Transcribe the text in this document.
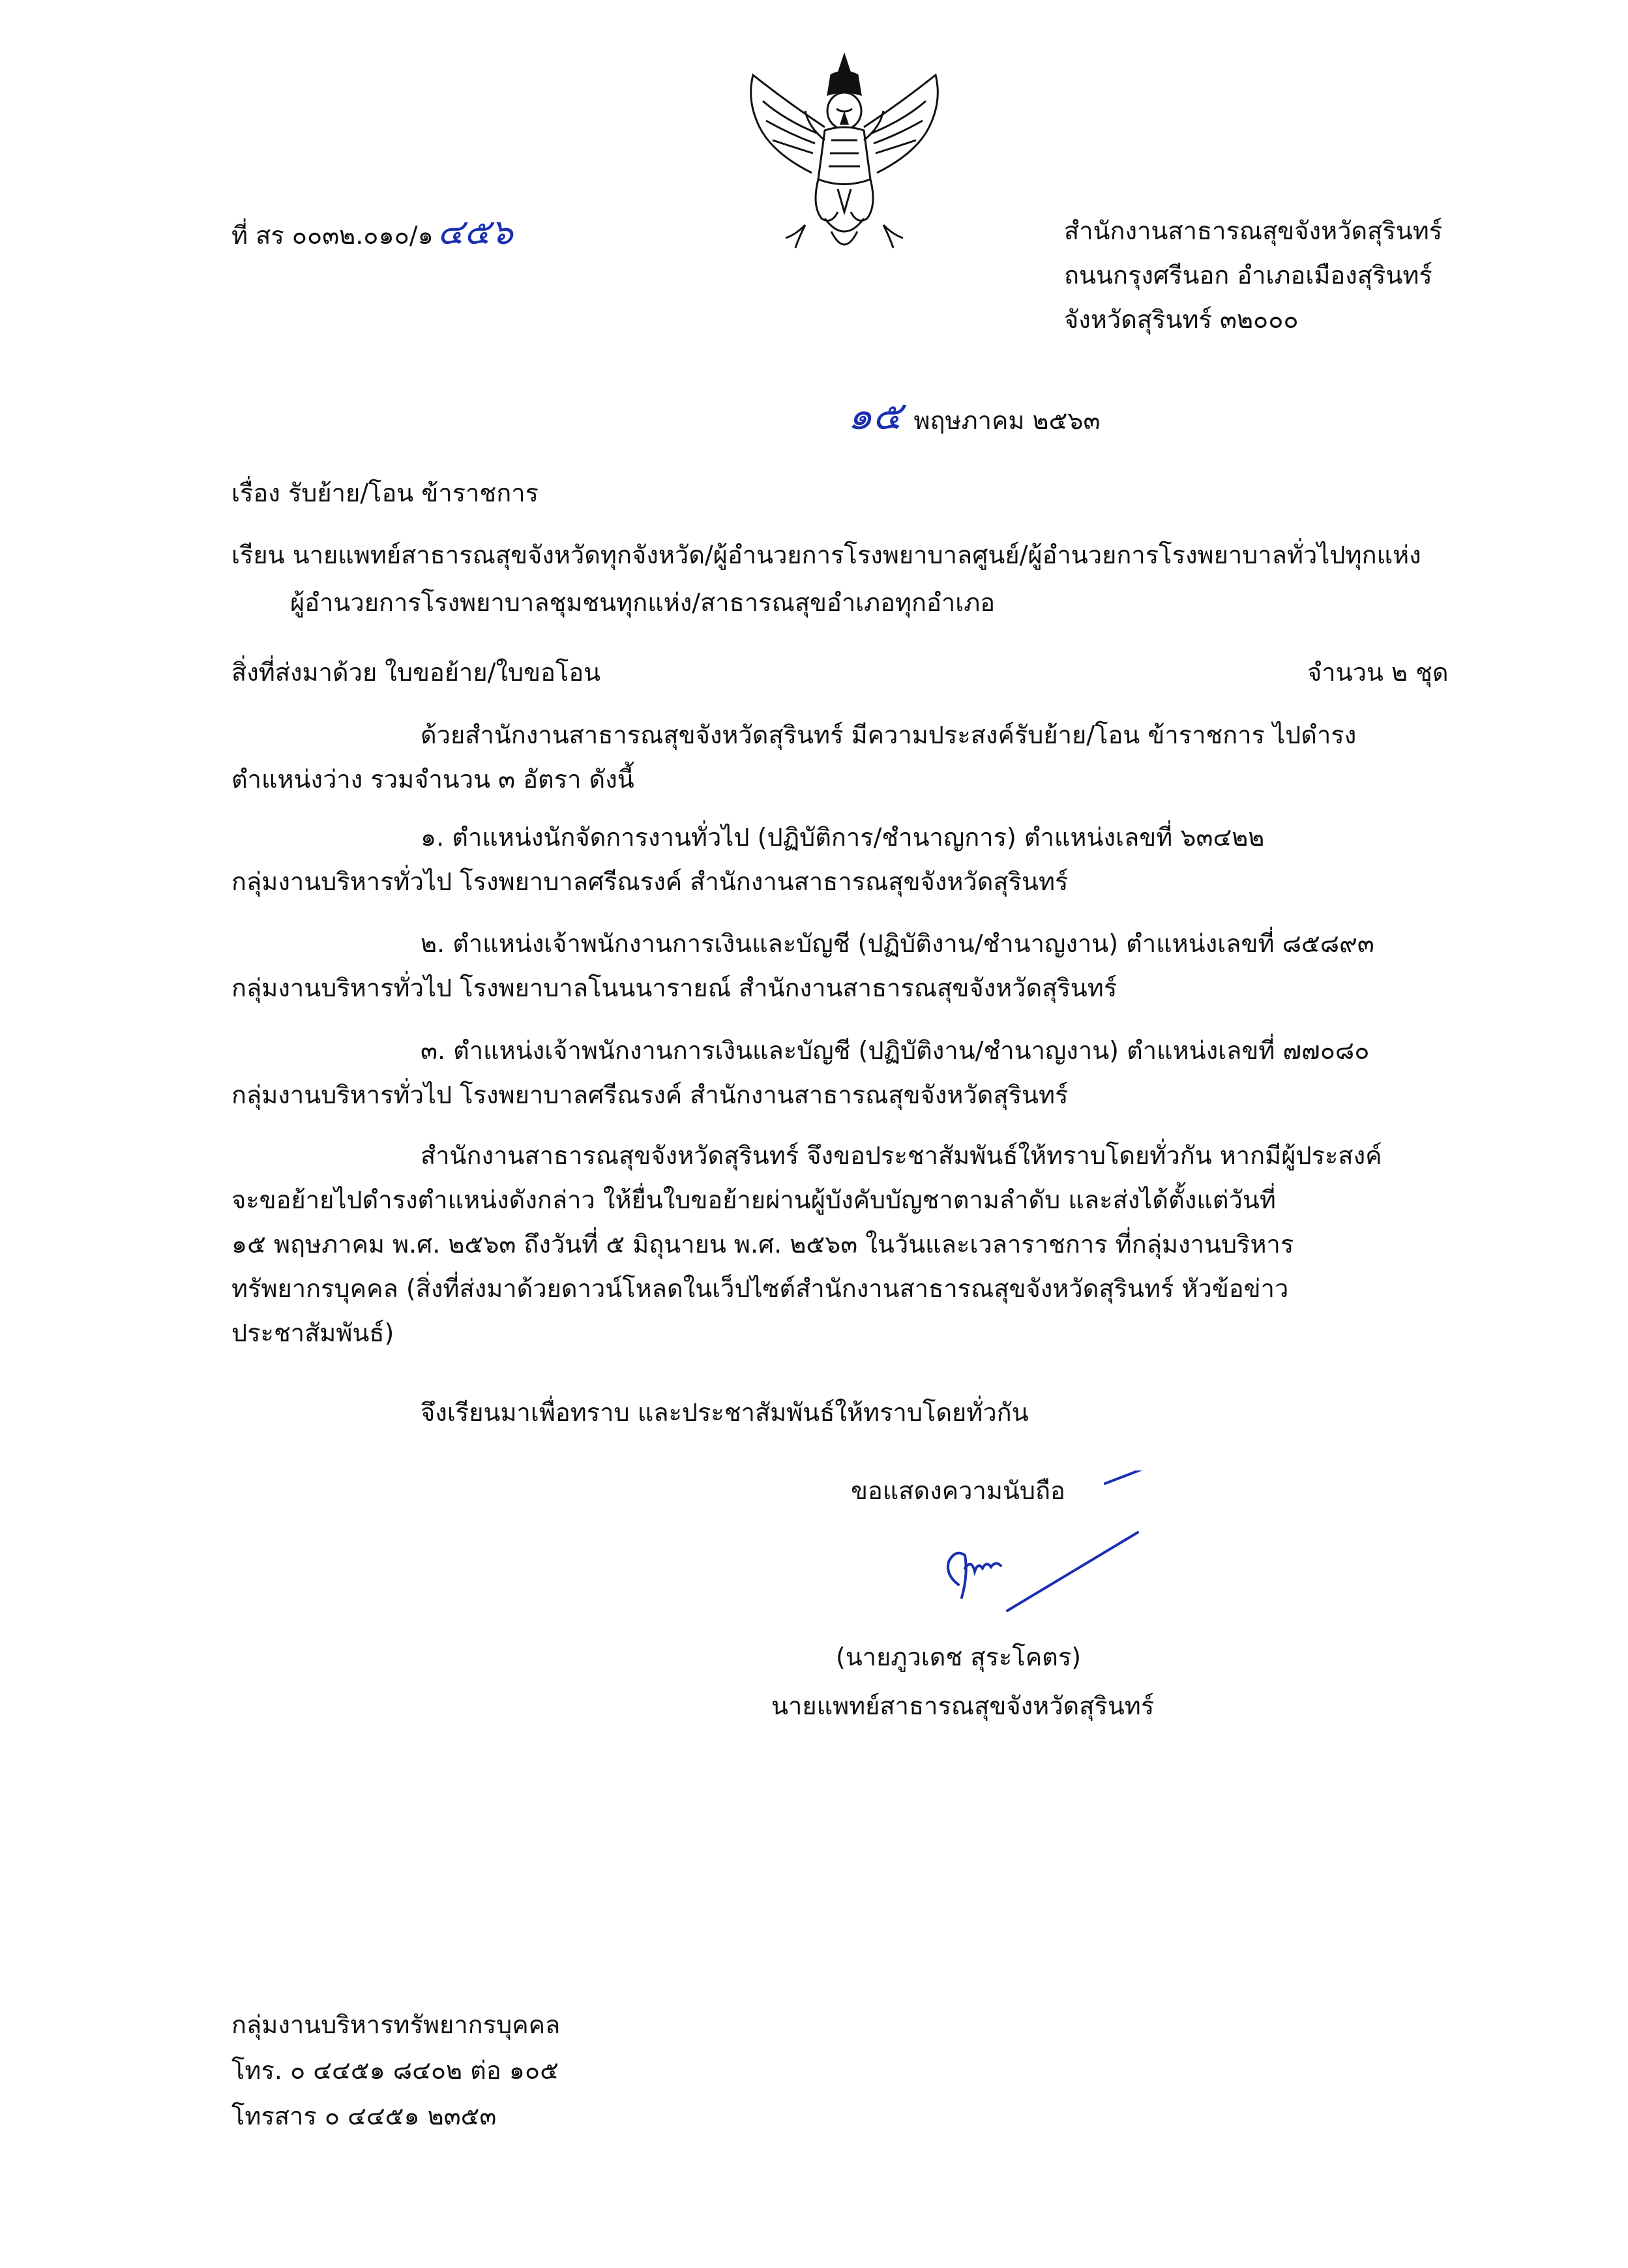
ที่ สร ๐๐๓๒.๐๑๐/๑ ๔๕๖	สำนักงานสาธารณสุขจังหวัดสุรินทร์
ถนนกรุงศรีนอก อำเภอเมืองสุรินทร์
จังหวัดสุรินทร์ ๓๒๐๐๐
๑๕ พฤษภาคม ๒๕๖๓
เรื่อง รับย้าย/โอน ข้าราชการ
เรียน นายแพทย์สาธารณสุขจังหวัดทุกจังหวัด/ผู้อำนวยการโรงพยาบาลศูนย์/ผู้อำนวยการโรงพยาบาลทั่วไปทุกแห่ง
ผู้อำนวยการโรงพยาบาลชุมชนทุกแห่ง/สาธารณสุขอำเภอทุกอำเภอ
สิ่งที่ส่งมาด้วย ใบขอย้าย/ใบขอโอน	จำนวน ๒ ชุด

ด้วยสำนักงานสาธารณสุขจังหวัดสุรินทร์ มีความประสงค์รับย้าย/โอน ข้าราชการ ไปดำรง

ตำแหน่งว่าง รวมจำนวน ๓ อัตรา ดังนี้

๑. ตำแหน่งนักจัดการงานทั่วไป (ปฏิบัติการ/ชำนาญการ) ตำแหน่งเลขที่ ๖๓๔๒๒

กลุ่มงานบริหารทั่วไป โรงพยาบาลศรีณรงค์ สำนักงานสาธารณสุขจังหวัดสุรินทร์

๒. ตำแหน่งเจ้าพนักงานการเงินและบัญชี (ปฏิบัติงาน/ชำนาญงาน) ตำแหน่งเลขที่ ๘๕๘๙๓

กลุ่มงานบริหารทั่วไป โรงพยาบาลโนนนารายณ์ สำนักงานสาธารณสุขจังหวัดสุรินทร์

๓. ตำแหน่งเจ้าพนักงานการเงินและบัญชี (ปฏิบัติงาน/ชำนาญงาน) ตำแหน่งเลขที่ ๗๗๐๘๐

กลุ่มงานบริหารทั่วไป โรงพยาบาลศรีณรงค์ สำนักงานสาธารณสุขจังหวัดสุรินทร์

สำนักงานสาธารณสุขจังหวัดสุรินทร์ จึงขอประชาสัมพันธ์ให้ทราบโดยทั่วกัน หากมีผู้ประสงค์

จะขอย้ายไปดำรงตำแหน่งดังกล่าว ให้ยื่นใบขอย้ายผ่านผู้บังคับบัญชาตามลำดับ และส่งได้ตั้งแต่วันที่

๑๕ พฤษภาคม พ.ศ. ๒๕๖๓ ถึงวันที่ ๕ มิถุนายน พ.ศ. ๒๕๖๓ ในวันและเวลาราชการ ที่กลุ่มงานบริหาร

ทรัพยากรบุคคล (สิ่งที่ส่งมาด้วยดาวน์โหลดในเว็ปไซต์สำนักงานสาธารณสุขจังหวัดสุรินทร์ หัวข้อข่าว

ประชาสัมพันธ์)

จึงเรียนมาเพื่อทราบ และประชาสัมพันธ์ให้ทราบโดยทั่วกัน
ขอแสดงความนับถือ
(นายภูวเดช สุระโคตร)
นายแพทย์สาธารณสุขจังหวัดสุรินทร์
กลุ่มงานบริหารทรัพยากรบุคคล
โทร. ๐ ๔๔๕๑ ๘๔๐๒ ต่อ ๑๐๕
โทรสาร ๐ ๔๔๕๑ ๒๓๕๓
